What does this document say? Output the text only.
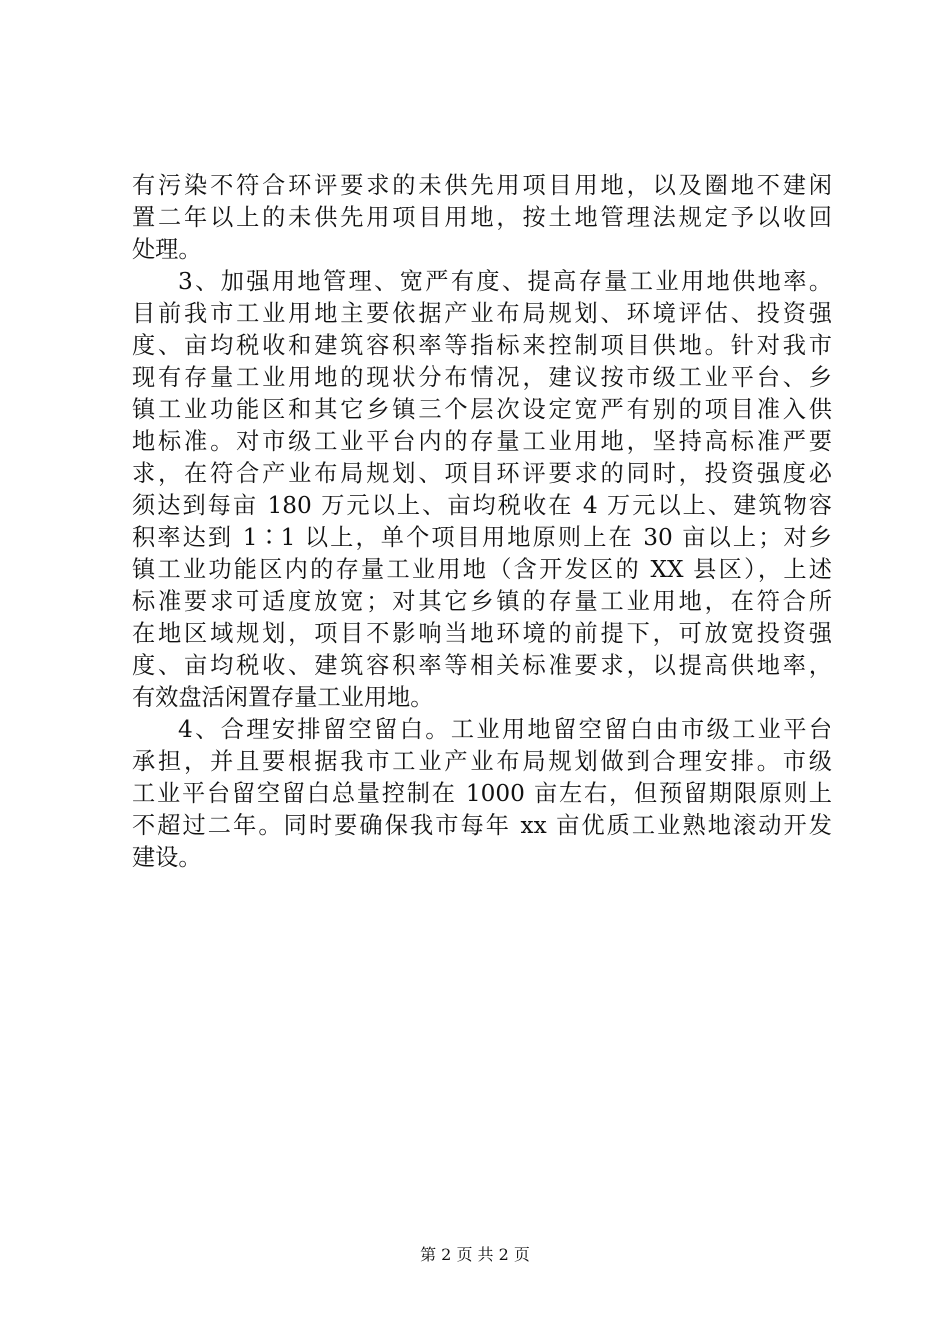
有污染不符合环评要求的未供先用项目用地，以及圈地不建闲
置二年以上的未供先用项目用地，按土地管理法规定予以收回
处理。
3、加强用地管理、宽严有度、提高存量工业用地供地率。
目前我市工业用地主要依据产业布局规划、环境评估、投资强
度、亩均税收和建筑容积率等指标来控制项目供地。针对我市
现有存量工业用地的现状分布情况，建议按市级工业平台、乡
镇工业功能区和其它乡镇三个层次设定宽严有别的项目准入供
地标准。对市级工业平台内的存量工业用地，坚持高标准严要
求，在符合产业布局规划、项目环评要求的同时，投资强度必
须达到每亩 180 万元以上、亩均税收在 4 万元以上、建筑物容
积率达到 1∶1 以上，单个项目用地原则上在 30 亩以上；对乡
镇工业功能区内的存量工业用地（含开发区的 XX 县区），上述
标准要求可适度放宽；对其它乡镇的存量工业用地，在符合所
在地区域规划，项目不影响当地环境的前提下，可放宽投资强
度、亩均税收、建筑容积率等相关标准要求，以提高供地率，
有效盘活闲置存量工业用地。
4、合理安排留空留白。工业用地留空留白由市级工业平台
承担，并且要根据我市工业产业布局规划做到合理安排。市级
工业平台留空留白总量控制在 1000 亩左右，但预留期限原则上
不超过二年。同时要确保我市每年 xx 亩优质工业熟地滚动开发
建设。
第 2 页 共 2 页
